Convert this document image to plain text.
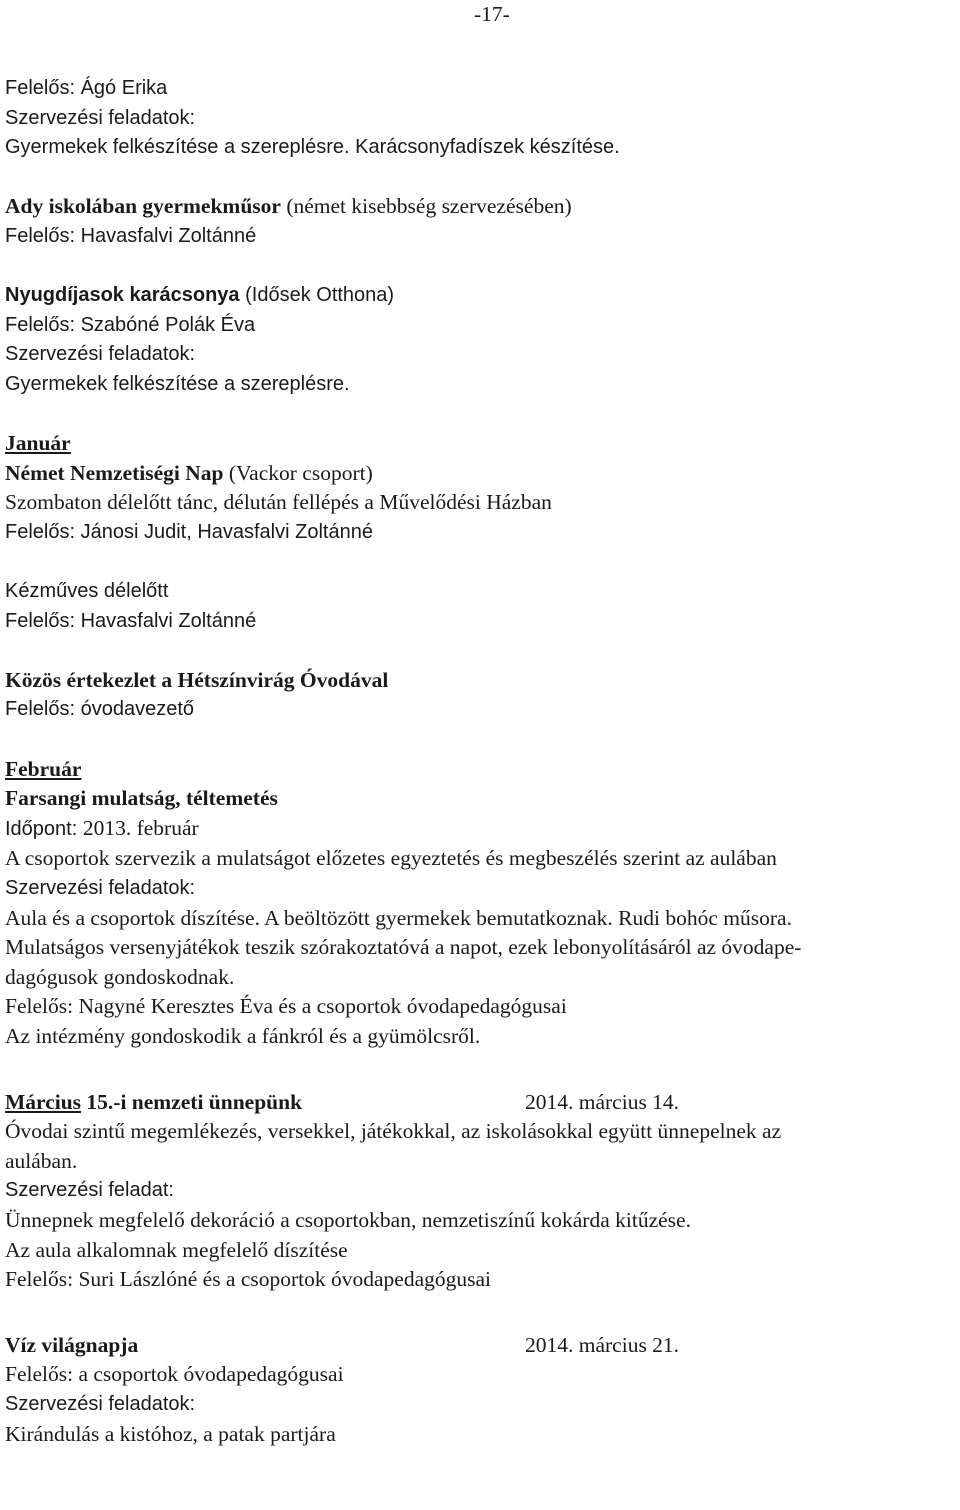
-17-
Felelős: Ágó Erika
Szervezési feladatok:
Gyermekek felkészítése a szereplésre. Karácsonyfadíszek készítése.
Ady iskolában gyermekműsor (német kisebbség szervezésében)
Felelős: Havasfalvi Zoltánné
Nyugdíjasok karácsonya (Idősek Otthona)
Felelős: Szabóné Polák Éva
Szervezési feladatok:
Gyermekek felkészítése a szereplésre.
Január
Német Nemzetiségi Nap (Vackor csoport)
Szombaton délelőtt tánc, délután fellépés a Művelődési Házban
Felelős: Jánosi Judit, Havasfalvi Zoltánné
Kézműves délelőtt
Felelős: Havasfalvi Zoltánné
Közös értekezlet a Hétszínvirág Óvodával
Felelős: óvodavezető
Február
Farsangi mulatság, téltemetés
Időpont: 2013. február
A csoportok szervezik a mulatságot előzetes egyeztetés és megbeszélés szerint az aulában
Szervezési feladatok:
Aula és a csoportok díszítése. A beöltözött gyermekek bemutatkoznak. Rudi bohóc műsora.
Mulatságos versenyjátékok teszik szórakoztatóvá a napot, ezek lebonyolításáról az óvodape-
dagógusok gondoskodnak.
Felelős: Nagyné Keresztes Éva és a csoportok óvodapedagógusai
Az intézmény gondoskodik a fánkról és a gyümölcsről.
Március 15.-i nemzeti ünnepünk	2014. március 14.
Óvodai szintű megemlékezés, versekkel, játékokkal, az iskolásokkal együtt ünnepelnek az
aulában.
Szervezési feladat:
Ünnepnek megfelelő dekoráció a csoportokban, nemzetiszínű kokárda kitűzése.
Az aula alkalomnak megfelelő díszítése
Felelős: Suri Lászlóné és a csoportok óvodapedagógusai
Víz világnapja	2014. március 21.
Felelős: a csoportok óvodapedagógusai
Szervezési feladatok:
Kirándulás a kistóhoz, a patak partjára
